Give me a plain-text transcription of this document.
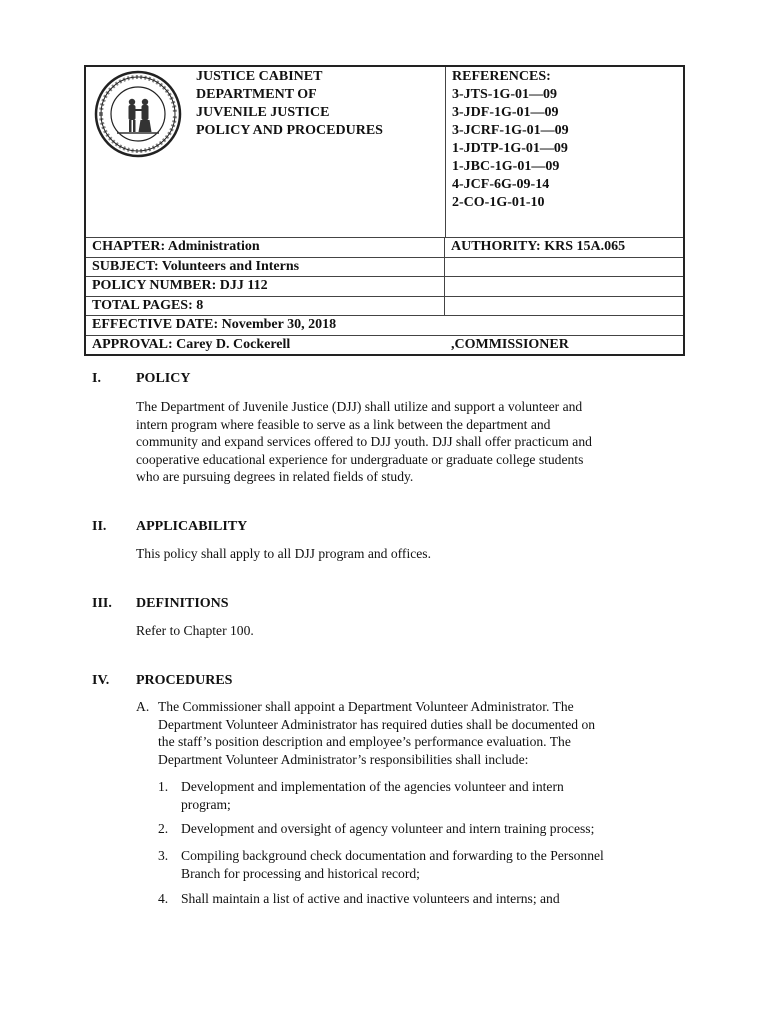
JUSTICE CABINET
DEPARTMENT OF
JUVENILE JUSTICE
POLICY AND PROCEDURES
REFERENCES:
3-JTS-1G-01—09
3-JDF-1G-01—09
3-JCRF-1G-01—09
1-JDTP-1G-01—09
1-JBC-1G-01—09
4-JCF-6G-09-14
2-CO-1G-01-10
CHAPTER: Administration	AUTHORITY: KRS 15A.065
SUBJECT: Volunteers and Interns
POLICY NUMBER: DJJ 112
TOTAL PAGES: 8
EFFECTIVE DATE: November 30, 2018
APPROVAL: Carey D. Cockerell	,COMMISSIONER
I.	POLICY
The Department of Juvenile Justice (DJJ) shall utilize and support a volunteer and
intern program where feasible to serve as a link between the department and
community and expand services offered to DJJ youth. DJJ shall offer practicum and
cooperative educational experience for undergraduate or graduate college students
who are pursuing degrees in related fields of study.
II. APPLICABILITY
This policy shall apply to all DJJ program and offices.
III. DEFINITIONS
Refer to Chapter 100.
IV. PROCEDURES
A. The Commissioner shall appoint a Department Volunteer Administrator. The
Department Volunteer Administrator has required duties shall be documented on
the staff’s position description and employee’s performance evaluation. The
Department Volunteer Administrator’s responsibilities shall include:
1. Development and implementation of the agencies volunteer and intern
program;
2. Development and oversight of agency volunteer and intern training process;
3. Compiling background check documentation and forwarding to the Personnel
Branch for processing and historical record;
4. Shall maintain a list of active and inactive volunteers and interns; and
